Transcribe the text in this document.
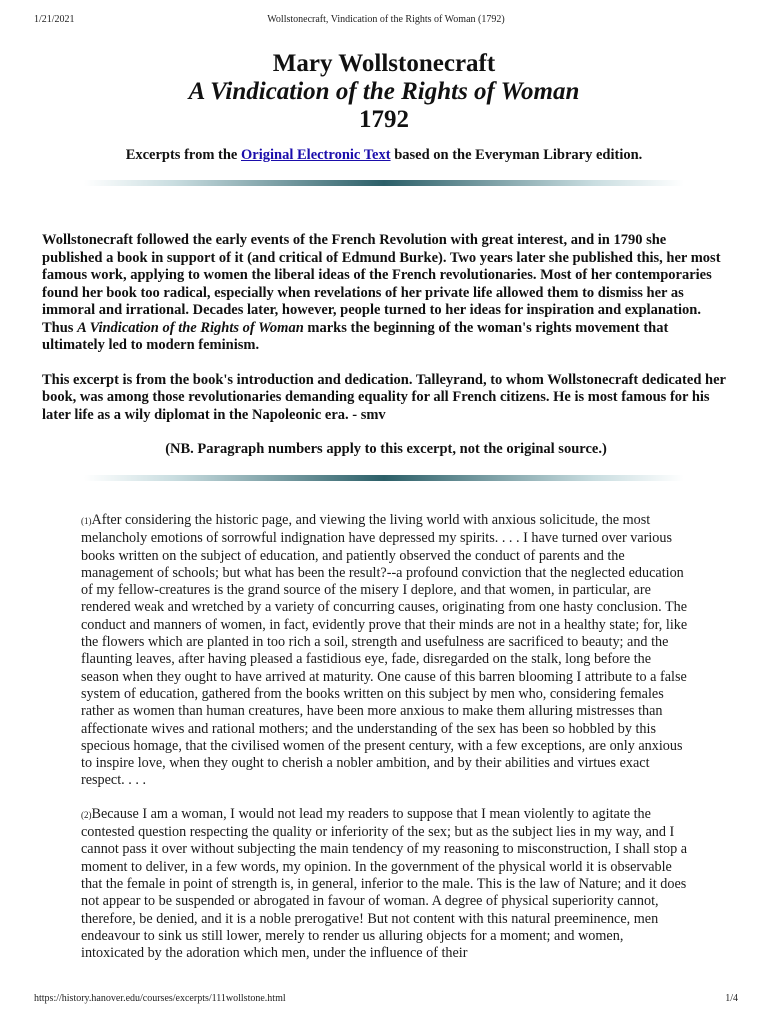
1/21/2021	Wollstonecraft, Vindication of the Rights of Woman (1792)
Mary Wollstonecraft
A Vindication of the Rights of Woman
1792
Excerpts from the Original Electronic Text based on the Everyman Library edition.

Wollstonecraft followed the early events of the French Revolution with great interest, and in 1790 she published a book in support of it (and critical of Edmund Burke). Two years later she published this, her most famous work, applying to women the liberal ideas of the French revolutionaries. Most of her contemporaries found her book too radical, especially when revelations of her private life allowed them to dismiss her as immoral and irrational. Decades later, however, people turned to her ideas for inspiration and explanation. Thus A Vindication of the Rights of Woman marks the beginning of the woman's rights movement that ultimately led to modern feminism.

This excerpt is from the book's introduction and dedication. Talleyrand, to whom Wollstonecraft dedicated her book, was among those revolutionaries demanding equality for all French citizens. He is most famous for his later life as a wily diplomat in the Napoleonic era. - smv

(NB. Paragraph numbers apply to this excerpt, not the original source.)

(1)After considering the historic page, and viewing the living world with anxious solicitude, the most melancholy emotions of sorrowful indignation have depressed my spirits. . . . I have turned over various books written on the subject of education, and patiently observed the conduct of parents and the management of schools; but what has been the result?--a profound conviction that the neglected education of my fellow-creatures is the grand source of the misery I deplore, and that women, in particular, are rendered weak and wretched by a variety of concurring causes, originating from one hasty conclusion. The conduct and manners of women, in fact, evidently prove that their minds are not in a healthy state; for, like the flowers which are planted in too rich a soil, strength and usefulness are sacrificed to beauty; and the flaunting leaves, after having pleased a fastidious eye, fade, disregarded on the stalk, long before the season when they ought to have arrived at maturity. One cause of this barren blooming I attribute to a false system of education, gathered from the books written on this subject by men who, considering females rather as women than human creatures, have been more anxious to make them alluring mistresses than affectionate wives and rational mothers; and the understanding of the sex has been so hobbled by this specious homage, that the civilised women of the present century, with a few exceptions, are only anxious to inspire love, when they ought to cherish a nobler ambition, and by their abilities and virtues exact respect. . . .

(2)Because I am a woman, I would not lead my readers to suppose that I mean violently to agitate the contested question respecting the quality or inferiority of the sex; but as the subject lies in my way, and I cannot pass it over without subjecting the main tendency of my reasoning to misconstruction, I shall stop a moment to deliver, in a few words, my opinion. In the government of the physical world it is observable that the female in point of strength is, in general, inferior to the male. This is the law of Nature; and it does not appear to be suspended or abrogated in favour of woman. A degree of physical superiority cannot, therefore, be denied, and it is a noble prerogative! But not content with this natural preeminence, men endeavour to sink us still lower, merely to render us alluring objects for a moment; and women, intoxicated by the adoration which men, under the influence of their

https://history.hanover.edu/courses/excerpts/111wollstone.html	1/4
